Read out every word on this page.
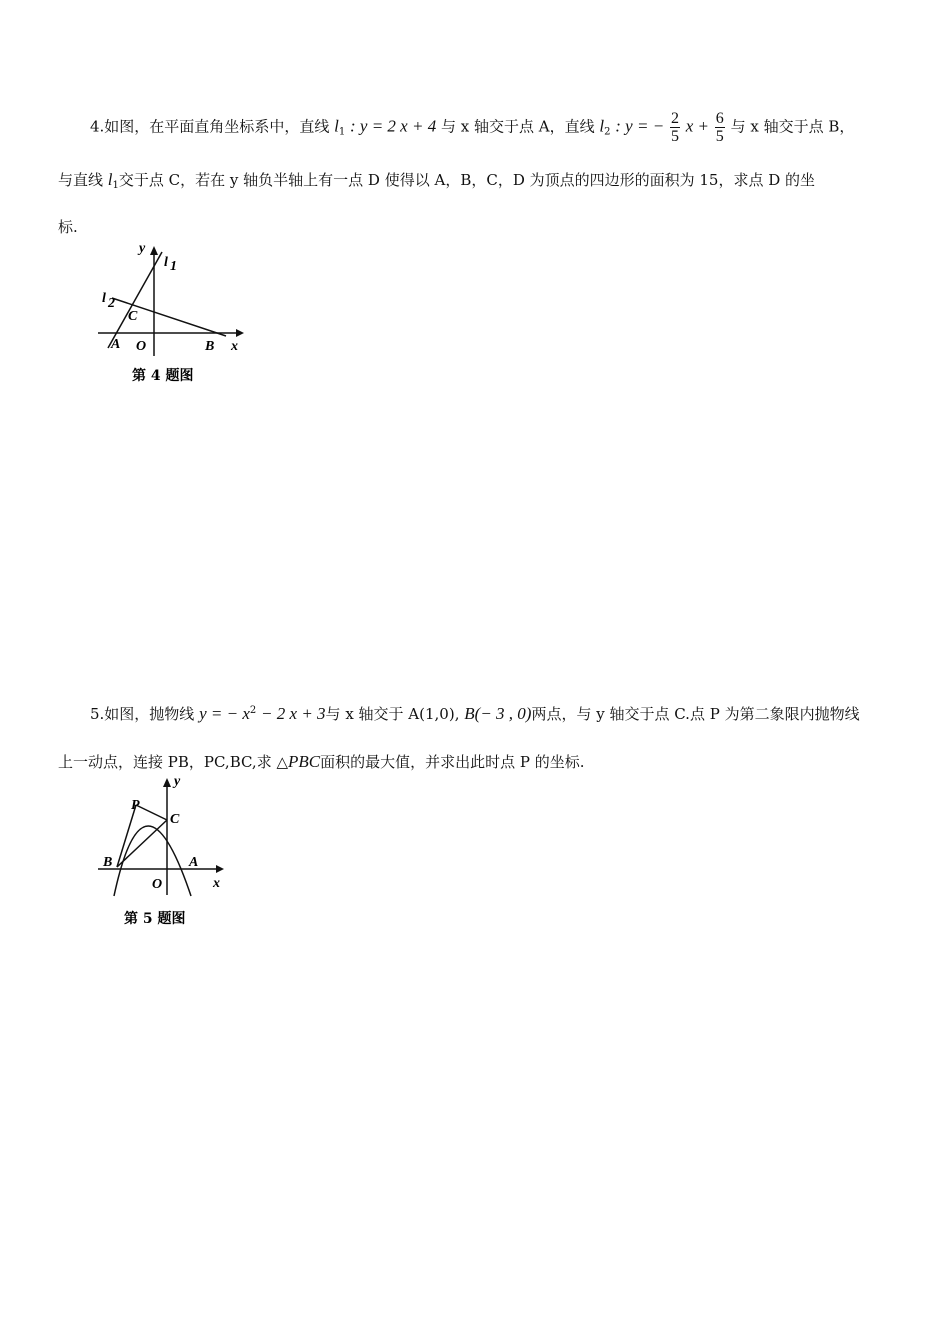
4.如图，在平面直角坐标系中，直线 $l_1$ : y = 2 x + 4 与 x 轴交于点 A，直线 $l_2$ : y = − $\frac{2}{5}$ $x + \frac{6}{5}$ 与 x 轴交于点 B，
与直线 $l_1$交于点 C，若在 y 轴负半轴上有一点 D 使得以 A，B，C，D 为顶点的四边形的面积为 15，求点 D 的坐
标.
y
l 1
l 2
C
A O	B x
第 4 题图
5.如图，抛物线 y = − $x^2 - 2$ x + 3与 x 轴交于 A(1,0), B(− 3 , 0)两点，与 y 轴交于点 C.点 P 为第二象限内抛物线
上一动点，连接 PB，PC,BC,求 △PBC面积的最大值，并求出此时点 P 的坐标.
y
P
C
B	A
O	x
第 5 题图
